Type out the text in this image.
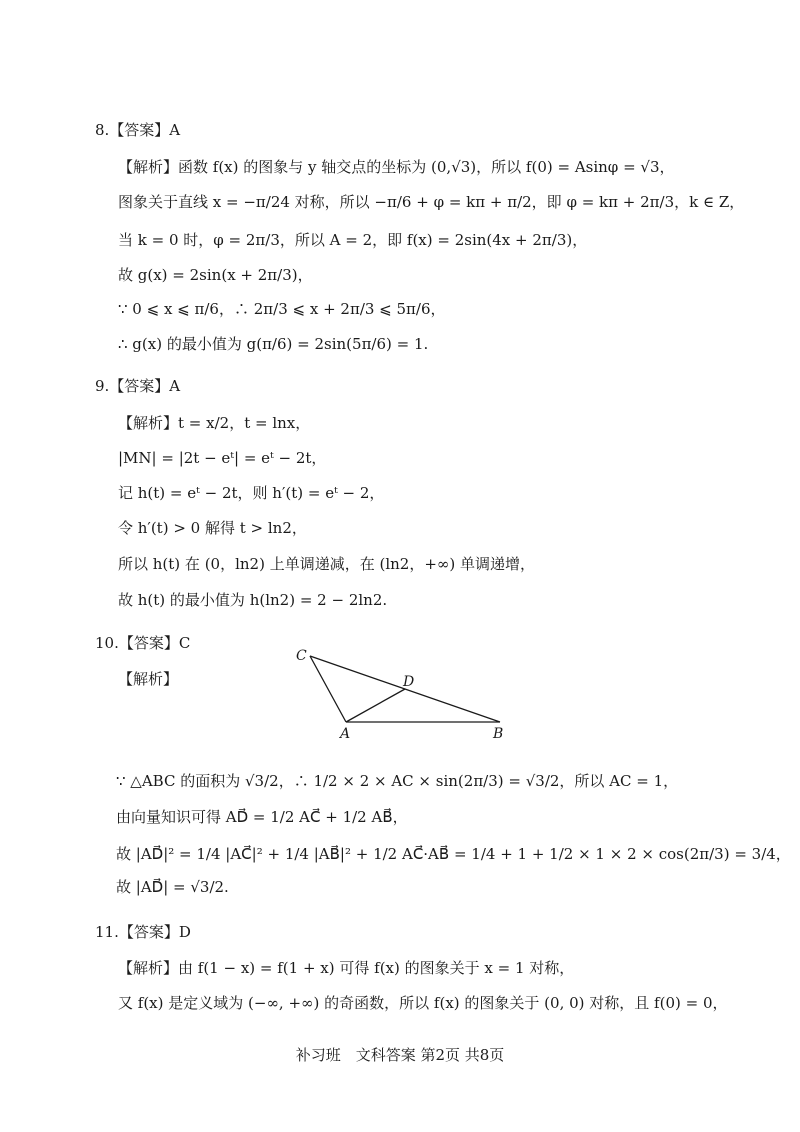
8.【答案】A
【解析】函数 f(x) 的图象与 y 轴交点的坐标为 (0,√3)，所以 f(0) = Asinφ = √3，
图象关于直线 x = −π/24 对称，所以 −π/6 + φ = kπ + π/2，即 φ = kπ + 2π/3，k ∈ Z，
当 k = 0 时，φ = 2π/3，所以 A = 2，即 f(x) = 2sin(4x + 2π/3)，
故 g(x) = 2sin(x + 2π/3)，
∵ 0 ⩽ x ⩽ π/6，∴ 2π/3 ⩽ x + 2π/3 ⩽ 5π/6，
∴ g(x) 的最小值为 g(π/6) = 2sin(5π/6) = 1.
9.【答案】A
【解析】t = x/2，t = lnx，
|MN| = |2t − eᵗ| = eᵗ − 2t，
记 h(t) = eᵗ − 2t，则 h′(t) = eᵗ − 2，
令 h′(t) > 0 解得 t > ln2，
所以 h(t) 在 (0，ln2) 上单调递减，在 (ln2，+∞) 单调递增，
故 h(t) 的最小值为 h(ln2) = 2 − 2ln2.
10.【答案】C
【解析】
C
D
A	B
∵ △ABC 的面积为 √3/2，∴ 1/2 × 2 × AC × sin(2π/3) = √3/2，所以 AC = 1，
由向量知识可得 AD⃗ = 1/2 AC⃗ + 1/2 AB⃗，
故 |AD⃗|² = 1/4 |AC⃗|² + 1/4 |AB⃗|² + 1/2 AC⃗·AB⃗ = 1/4 + 1 + 1/2 × 1 × 2 × cos(2π/3) = 3/4，
故 |AD⃗| = √3/2.
11.【答案】D
【解析】由 f(1 − x) = f(1 + x) 可得 f(x) 的图象关于 x = 1 对称，
又 f(x) 是定义域为 (−∞, +∞) 的奇函数，所以 f(x) 的图象关于 (0, 0) 对称，且 f(0) = 0，
补习班　文科答案 第2页 共8页
